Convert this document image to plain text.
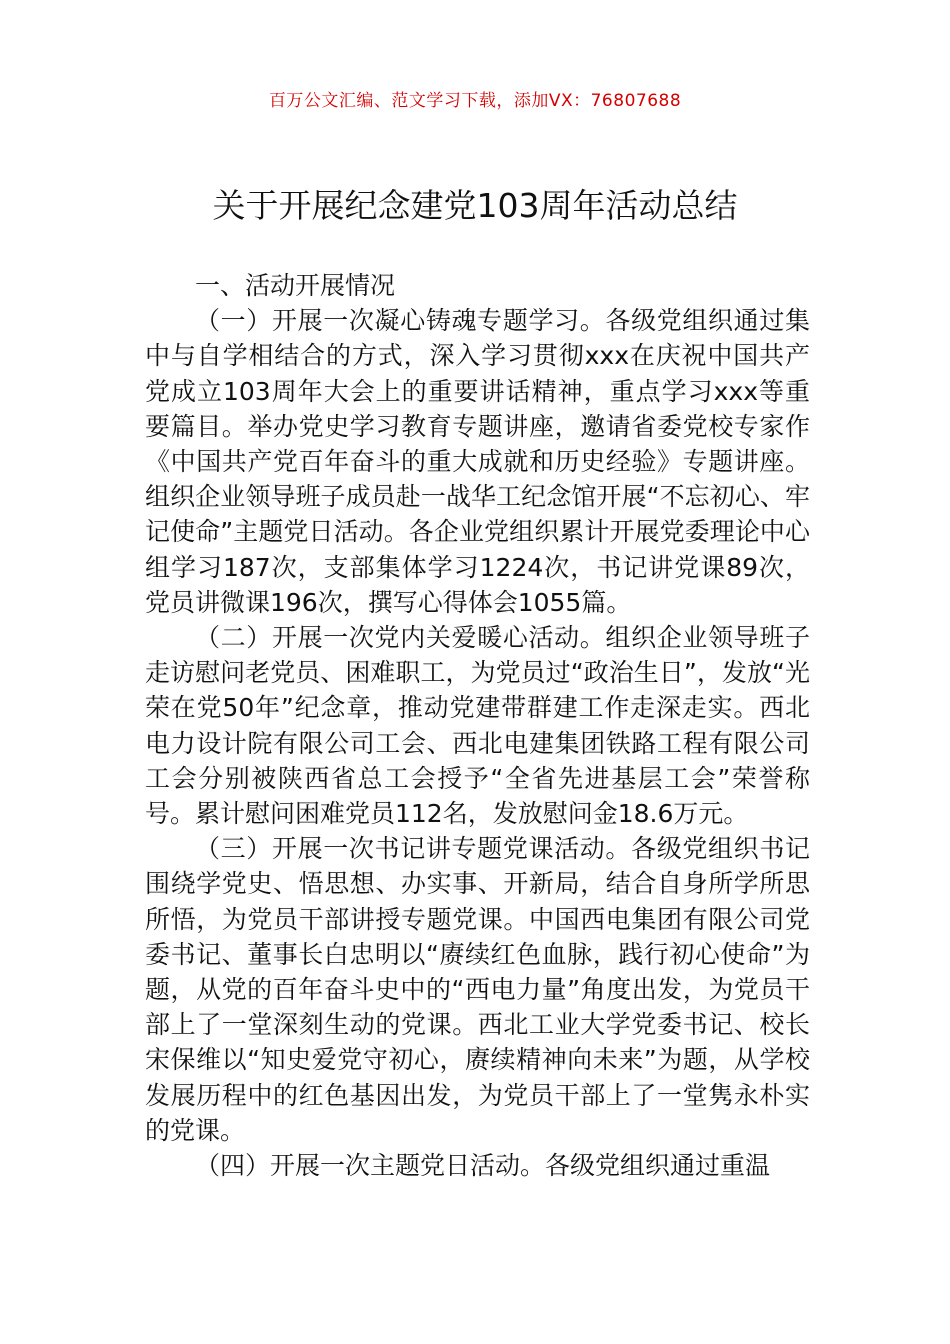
百万公文汇编、范文学习下载，添加VX：76807688
关于开展纪念建党103周年活动总结
一、活动开展情况

（一）开展一次凝心铸魂专题学习。各级党组织通过集中与自学相结合的方式，深入学习贯彻xxx在庆祝中国共产党成立103周年大会上的重要讲话精神，重点学习xxx等重要篇目。举办党史学习教育专题讲座，邀请省委党校专家作《中国共产党百年奋斗的重大成就和历史经验》专题讲座。组织企业领导班子成员赴一战华工纪念馆开展“不忘初心、牢记使命”主题党日活动。各企业党组织累计开展党委理论中心组学习187次，支部集体学习1224次，书记讲党课89次，党员讲微课196次，撰写心得体会1055篇。

（二）开展一次党内关爱暖心活动。组织企业领导班子走访慰问老党员、困难职工，为党员过“政治生日”，发放“光荣在党50年”纪念章，推动党建带群建工作走深走实。西北电力设计院有限公司工会、西北电建集团铁路工程有限公司工会分别被陕西省总工会授予“全省先进基层工会”荣誉称号。累计慰问困难党员112名，发放慰问金18.6万元。

（三）开展一次书记讲专题党课活动。各级党组织书记围绕学党史、悟思想、办实事、开新局，结合自身所学所思所悟，为党员干部讲授专题党课。中国西电集团有限公司党委书记、董事长白忠明以“赓续红色血脉，践行初心使命”为题，从党的百年奋斗史中的“西电力量”角度出发，为党员干部上了一堂深刻生动的党课。西北工业大学党委书记、校长宋保维以“知史爱党守初心，赓续精神向未来”为题，从学校发展历程中的红色基因出发，为党员干部上了一堂隽永朴实的党课。

（四）开展一次主题党日活动。各级党组织通过重温
